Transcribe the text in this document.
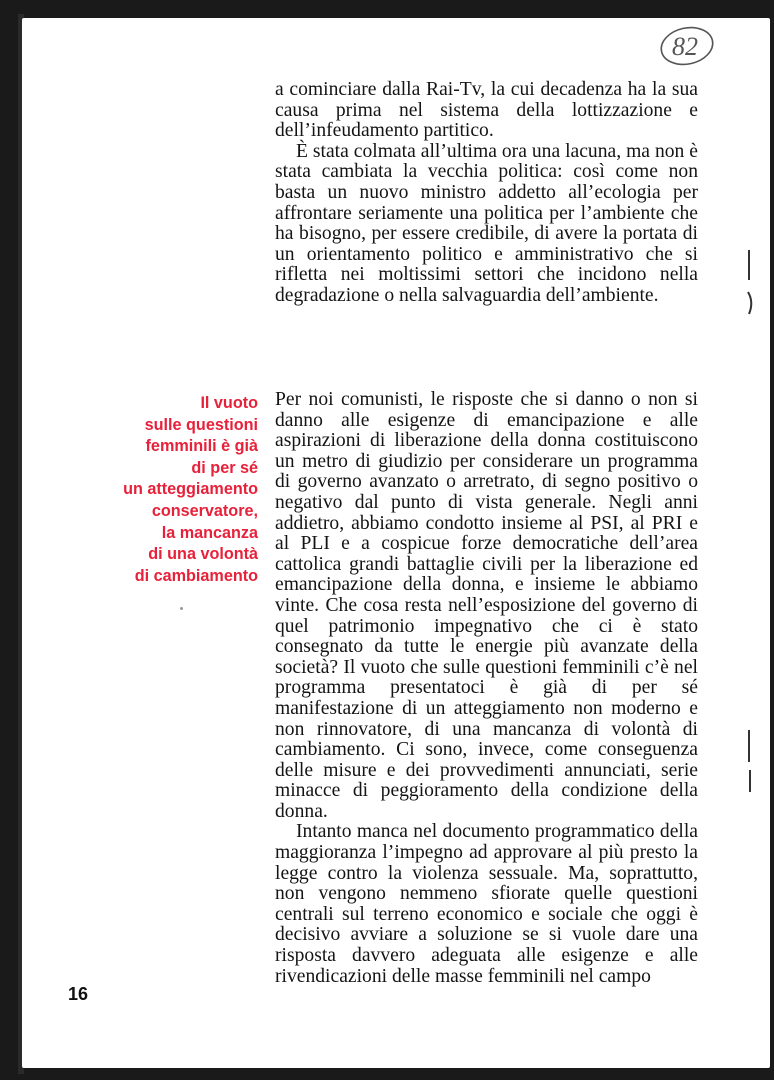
82

a cominciare dalla Rai-Tv, la cui decadenza ha la sua causa prima nel sistema della lottizzazione e dell’infeudamento partitico.

È stata colmata all’ultima ora una lacuna, ma non è stata cambiata la vecchia politica: così come non basta un nuovo ministro addetto all’ecologia per affrontare seriamente una politica per l’ambiente che ha bisogno, per essere credibile, di avere la portata di un orientamento politico e amministrativo che si rifletta nei moltissimi settori che incidono nella degradazione o nella salvaguardia dell’ambiente.

Il vuoto
sulle questioni
femminili è già
di per sé
un atteggiamento
conservatore,
la mancanza
di una volontà
di cambiamento

Per noi comunisti, le risposte che si danno o non si danno alle esigenze di emancipazione e alle aspirazioni di liberazione della donna costituiscono un metro di giudizio per considerare un programma di governo avanzato o arretrato, di segno positivo o negativo dal punto di vista generale. Negli anni addietro, abbiamo condotto insieme al PSI, al PRI e al PLI e a cospicue forze democratiche dell’area cattolica grandi battaglie civili per la liberazione ed emancipazione della donna, e insieme le abbiamo vinte. Che cosa resta nell’esposizione del governo di quel patrimonio impegnativo che ci è stato consegnato da tutte le energie più avanzate della società? Il vuoto che sulle questioni femminili c’è nel programma presentatoci è già di per sé manifestazione di un atteggiamento non moderno e non rinnovatore, di una mancanza di volontà di cambiamento. Ci sono, invece, come conseguenza delle misure e dei provvedimenti annunciati, serie minacce di peggioramento della condizione della donna.

Intanto manca nel documento programmatico della maggioranza l’impegno ad approvare al più presto la legge contro la violenza sessuale. Ma, soprattutto, non vengono nemmeno sfiorate quelle questioni centrali sul terreno economico e sociale che oggi è decisivo avviare a soluzione se si vuole dare una risposta davvero adeguata alle esigenze e alle rivendicazioni delle masse femminili nel campo

16
